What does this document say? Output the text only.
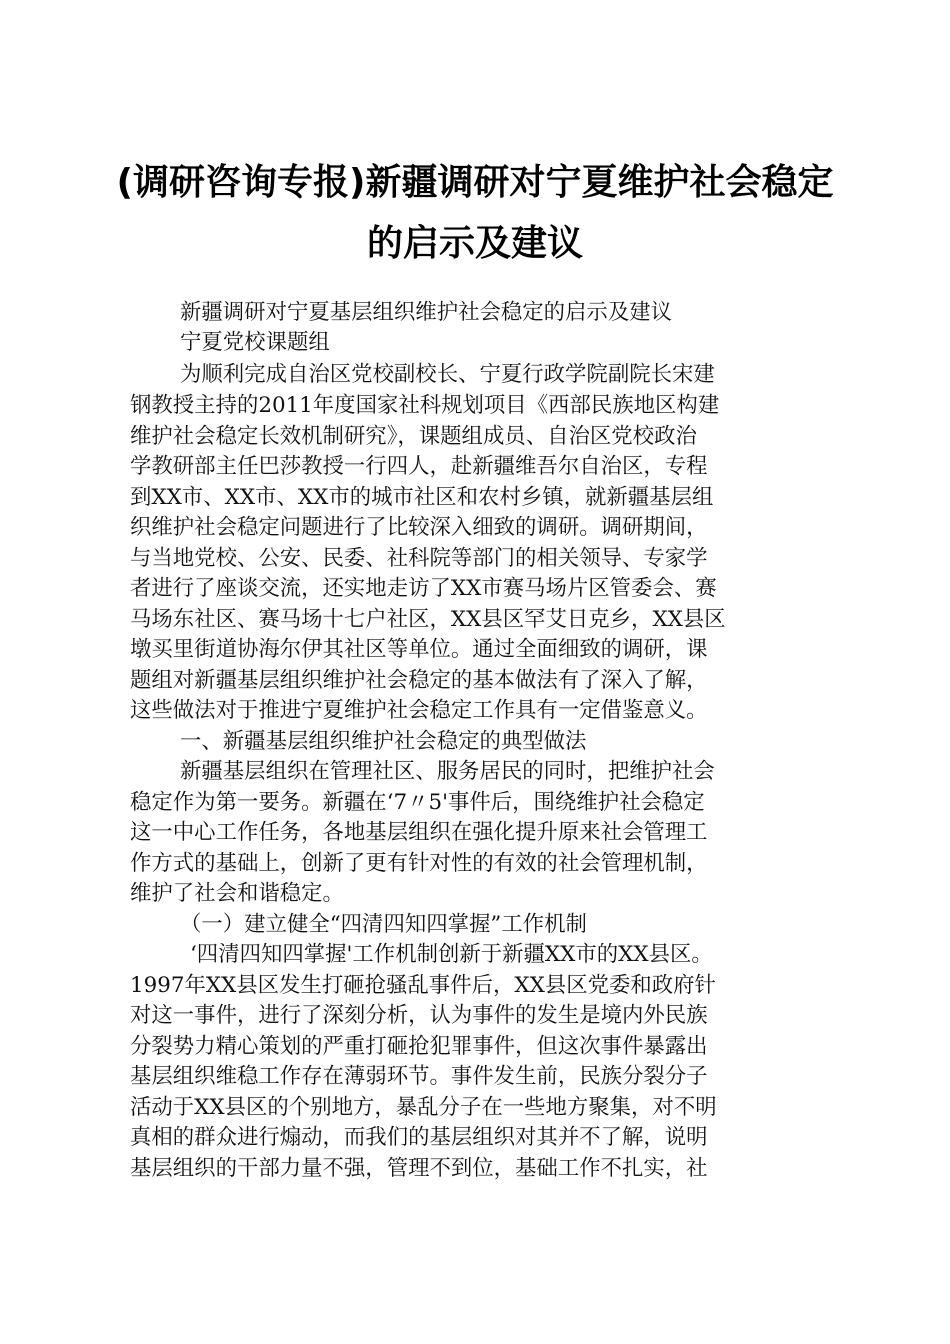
(调研咨询专报)新疆调研对宁夏维护社会稳定
的启示及建议
新疆调研对宁夏基层组织维护社会稳定的启示及建议
宁夏党校课题组
为顺利完成自治区党校副校长、宁夏行政学院副院长宋建
钢教授主持的2011年度国家社科规划项目《西部民族地区构建
维护社会稳定长效机制研究》，课题组成员、自治区党校政治
学教研部主任巴莎教授一行四人，赴新疆维吾尔自治区，专程
到XX市、XX市、XX市的城市社区和农村乡镇，就新疆基层组
织维护社会稳定问题进行了比较深入细致的调研。调研期间，
与当地党校、公安、民委、社科院等部门的相关领导、专家学
者进行了座谈交流，还实地走访了XX市赛马场片区管委会、赛
马场东社区、赛马场十七户社区，XX县区罕艾日克乡，XX县区
墩买里街道协海尔伊其社区等单位。通过全面细致的调研，课
题组对新疆基层组织维护社会稳定的基本做法有了深入了解，
这些做法对于推进宁夏维护社会稳定工作具有一定借鉴意义。
一、新疆基层组织维护社会稳定的典型做法
新疆基层组织在管理社区、服务居民的同时，把维护社会
稳定作为第一要务。新疆在‘7〃5'事件后，围绕维护社会稳定
这一中心工作任务，各地基层组织在强化提升原来社会管理工
作方式的基础上，创新了更有针对性的有效的社会管理机制，
维护了社会和谐稳定。
（一）建立健全“四清四知四掌握”工作机制
‘四清四知四掌握'工作机制创新于新疆XX市的XX县区。
1997年XX县区发生打砸抢骚乱事件后，XX县区党委和政府针
对这一事件，进行了深刻分析，认为事件的发生是境内外民族
分裂势力精心策划的严重打砸抢犯罪事件，但这次事件暴露出
基层组织维稳工作存在薄弱环节。事件发生前，民族分裂分子
活动于XX县区的个别地方，暴乱分子在一些地方聚集，对不明
真相的群众进行煽动，而我们的基层组织对其并不了解，说明
基层组织的干部力量不强，管理不到位，基础工作不扎实，社
